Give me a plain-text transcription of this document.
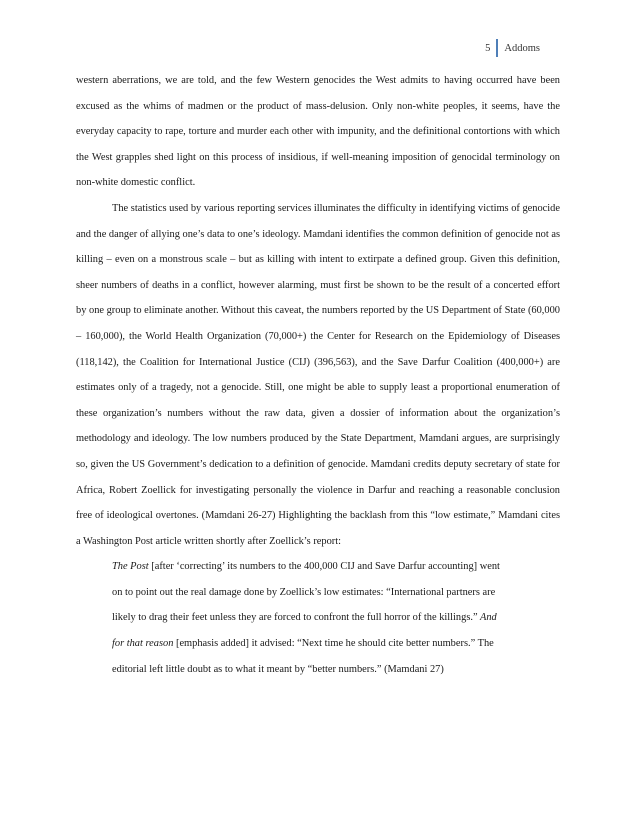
5	Addoms

western aberrations, we are told, and the few Western genocides the West admits to having occurred have been excused as the whims of madmen or the product of mass-delusion. Only non-white peoples, it seems, have the everyday capacity to rape, torture and murder each other with impunity, and the definitional contortions with which the West grapples shed light on this process of insidious, if well-meaning imposition of genocidal terminology on non-white domestic conflict.

The statistics used by various reporting services illuminates the difficulty in identifying victims of genocide and the danger of allying one’s data to one’s ideology. Mamdani identifies the common definition of genocide not as killing – even on a monstrous scale – but as killing with intent to extirpate a defined group. Given this definition, sheer numbers of deaths in a conflict, however alarming, must first be shown to be the result of a concerted effort by one group to eliminate another. Without this caveat, the numbers reported by the US Department of State (60,000 – 160,000), the World Health Organization (70,000+) the Center for Research on the Epidemiology of Diseases (118,142), the Coalition for International Justice (CIJ) (396,563), and the Save Darfur Coalition (400,000+) are estimates only of a tragedy, not a genocide. Still, one might be able to supply least a proportional enumeration of these organization’s numbers without the raw data, given a dossier of information about the organization’s methodology and ideology. The low numbers produced by the State Department, Mamdani argues, are surprisingly so, given the US Government’s dedication to a definition of genocide. Mamdani credits deputy secretary of state for Africa, Robert Zoellick for investigating personally the violence in Darfur and reaching a reasonable conclusion free of ideological overtones. (Mamdani 26-27) Highlighting the backlash from this “low estimate,” Mamdani cites a Washington Post article written shortly after Zoellick’s report:

The Post [after ‘correcting’ its numbers to the 400,000 CIJ and Save Darfur accounting] went
on to point out the real damage done by Zoellick’s low estimates: “International partners are
likely to drag their feet unless they are forced to confront the full horror of the killings.” And
for that reason [emphasis added] it advised: “Next time he should cite better numbers.” The
editorial left little doubt as to what it meant by “better numbers.” (Mamdani 27)
